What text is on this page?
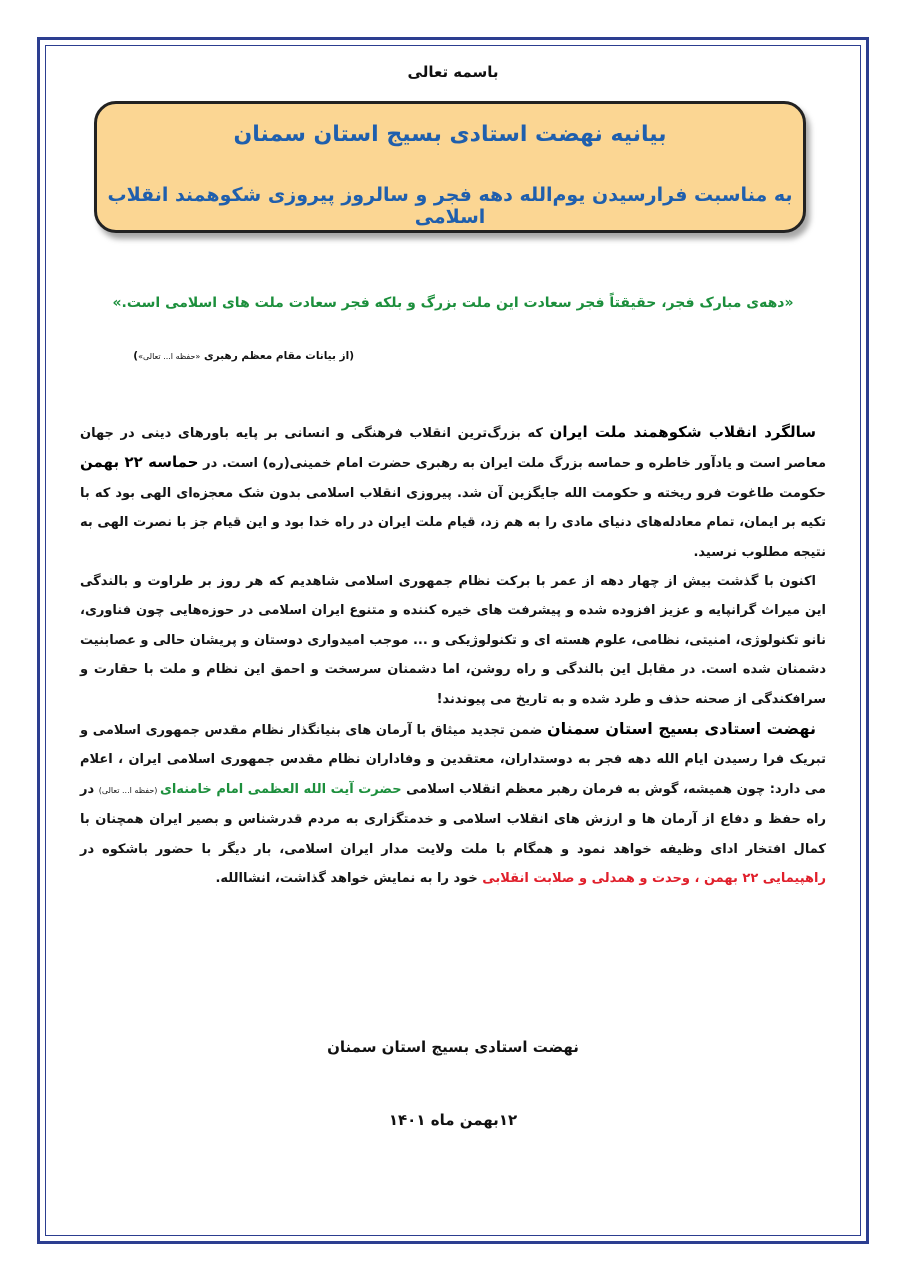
باسمه تعالی
بیانیه نهضت استادی بسیج استان سمنان
به مناسبت فرارسیدن یوم‌الله دهه فجر و سالروز پیروزی شکوهمند انقلاب اسلامی
«دهه‌ی مبارک فجر، حقیقتاً فجر سعادت این ملت بزرگ و بلکه فجر سعادت ملت های اسلامی است.»
(از بیانات مقام معظم رهبری «حفظه ا... تعالی»)

سالگرد انقلاب شکوهمند ملت ایران که بزرگ‌ترین انقلاب فرهنگی و انسانی بر پایه باورهای دینی در جهان معاصر است و یادآور خاطره و حماسه بزرگ ملت ایران به رهبری حضرت امام خمینی(ره) است. در حماسه ۲۲ بهمن حکومت طاغوت فرو ریخته و حکومت الله جایگزین آن شد. پیروزی انقلاب اسلامی بدون شک معجزه‌ای الهی بود که با تکیه بر ایمان، تمام معادله‌های دنیای مادی را به هم زد، قیام ملت ایران در راه خدا بود و این قیام جز با نصرت الهی به نتیجه مطلوب نرسید.

اکنون با گذشت بیش از چهار دهه از عمر با برکت نظام جمهوری اسلامی شاهدیم که هر روز بر طراوت و بالندگی این میراث گرانپایه و عزیز افزوده شده و پیشرفت های خیره کننده و متنوع ایران اسلامی در حوزه‌هایی چون فناوری، نانو تکنولوژی، امنیتی، نظامی، علوم هسته ای و تکنولوژیکی و ... موجب امیدواری دوستان و پریشان حالی و عصابنیت دشمنان شده است. در مقابل این بالندگی و راه روشن، اما دشمنان سرسخت و احمق این نظام و ملت با حقارت و سرافکندگی از صحنه حذف و طرد شده و به تاریخ می پیوندند!

نهضت استادی بسیج استان سمنان ضمن تجدید میثاق با آرمان های بنیانگذار نظام مقدس جمهوری اسلامی و تبریک فرا رسیدن ایام الله دهه فجر به دوستداران، معتقدین و وفاداران نظام مقدس جمهوری اسلامی ایران ، اعلام می دارد: چون همیشه، گوش به فرمان رهبر معظم انقلاب اسلامی حضرت آیت الله العظمی امام خامنه‌ای (حفظه ا... تعالی) در راه حفظ و دفاع از آرمان ها و ارزش های انقلاب اسلامی و خدمتگزاری به مردم قدرشناس و بصیر ایران همچنان با کمال افتخار ادای وظیفه خواهد نمود و همگام با ملت ولایت مدار ایران اسلامی، بار دیگر با حضور باشکوه در راهپیمایی ۲۲ بهمن ، وحدت و همدلی و صلابت انقلابی خود را به نمایش خواهد گذاشت، انشاالله.

نهضت استادی بسیج استان سمنان
۱۲بهمن ماه ۱۴۰۱
